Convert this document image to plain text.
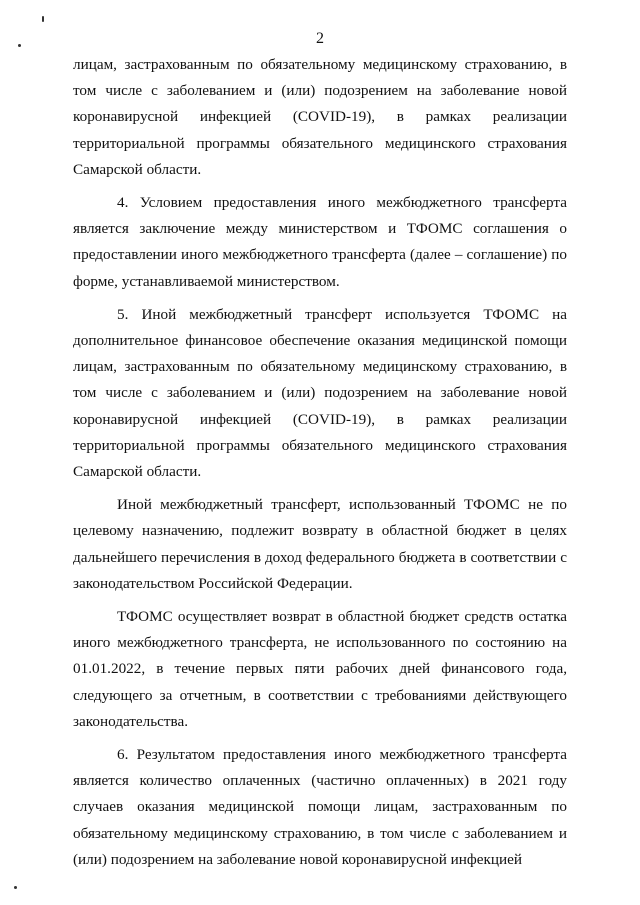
2

лицам, застрахованным по обязательному медицинскому страхованию, в том числе с заболеванием и (или) подозрением на заболевание новой коронавирусной инфекцией (COVID-19), в рамках реализации территориальной программы обязательного медицинского страхования Самарской области.

4. Условием предоставления иного межбюджетного трансферта является заключение между министерством и ТФОМС соглашения о предоставлении иного межбюджетного трансферта (далее – соглашение) по форме, устанавливаемой министерством.

5. Иной межбюджетный трансферт используется ТФОМС на дополнительное финансовое обеспечение оказания медицинской помощи лицам, застрахованным по обязательному медицинскому страхованию, в том числе с заболеванием и (или) подозрением на заболевание новой коронавирусной инфекцией (COVID-19), в рамках реализации территориальной программы обязательного медицинского страхования Самарской области.

Иной межбюджетный трансферт, использованный ТФОМС не по целевому назначению, подлежит возврату в областной бюджет в целях дальнейшего перечисления в доход федерального бюджета в соответствии с законодательством Российской Федерации.

ТФОМС осуществляет возврат в областной бюджет средств остатка иного межбюджетного трансферта, не использованного по состоянию на 01.01.2022, в течение первых пяти рабочих дней финансового года, следующего за отчетным, в соответствии с требованиями действующего законодательства.

6. Результатом предоставления иного межбюджетного трансферта является количество оплаченных (частично оплаченных) в 2021 году случаев оказания медицинской помощи лицам, застрахованным по обязательному медицинскому страхованию, в том числе с заболеванием и (или) подозрением на заболевание новой коронавирусной инфекцией
